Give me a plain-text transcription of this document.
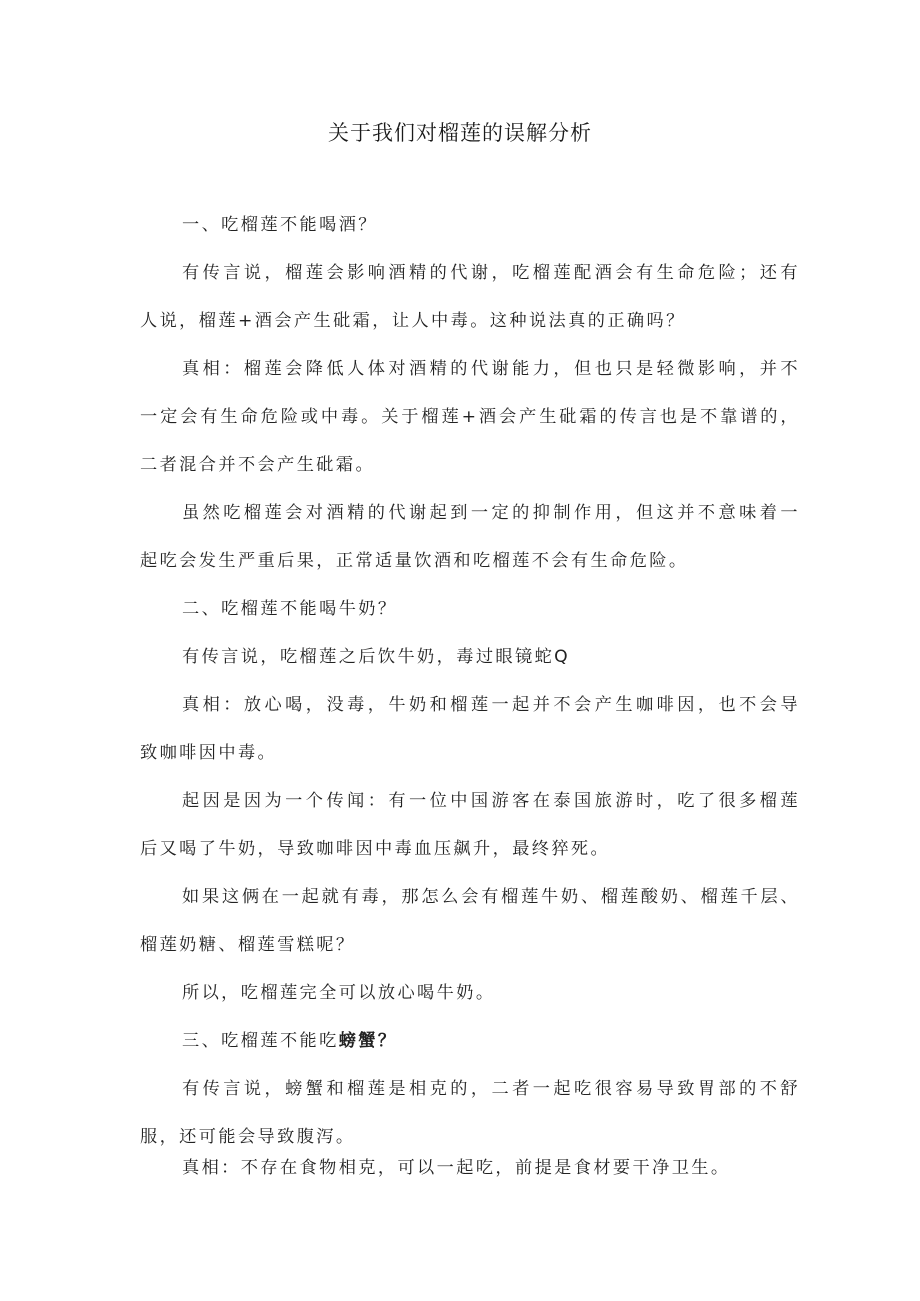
关于我们对榴莲的误解分析
一、吃榴莲不能喝酒？
有传言说，榴莲会影响酒精的代谢，吃榴莲配酒会有生命危险；还有
人说，榴莲+酒会产生砒霜，让人中毒。这种说法真的正确吗？
真相：榴莲会降低人体对酒精的代谢能力，但也只是轻微影响，并不
一定会有生命危险或中毒。关于榴莲+酒会产生砒霜的传言也是不靠谱的，
二者混合并不会产生砒霜。
虽然吃榴莲会对酒精的代谢起到一定的抑制作用，但这并不意味着一
起吃会发生严重后果，正常适量饮酒和吃榴莲不会有生命危险。
二、吃榴莲不能喝牛奶？
有传言说，吃榴莲之后饮牛奶，毒过眼镜蛇Q
真相：放心喝，没毒，牛奶和榴莲一起并不会产生咖啡因，也不会导
致咖啡因中毒。
起因是因为一个传闻：有一位中国游客在泰国旅游时，吃了很多榴莲
后又喝了牛奶，导致咖啡因中毒血压飙升，最终猝死。
如果这俩在一起就有毒，那怎么会有榴莲牛奶、榴莲酸奶、榴莲千层、
榴莲奶糖、榴莲雪糕呢？
所以，吃榴莲完全可以放心喝牛奶。
三、吃榴莲不能吃螃蟹？
有传言说，螃蟹和榴莲是相克的，二者一起吃很容易导致胃部的不舒
服，还可能会导致腹泻。
真相：不存在食物相克，可以一起吃，前提是食材要干净卫生。
